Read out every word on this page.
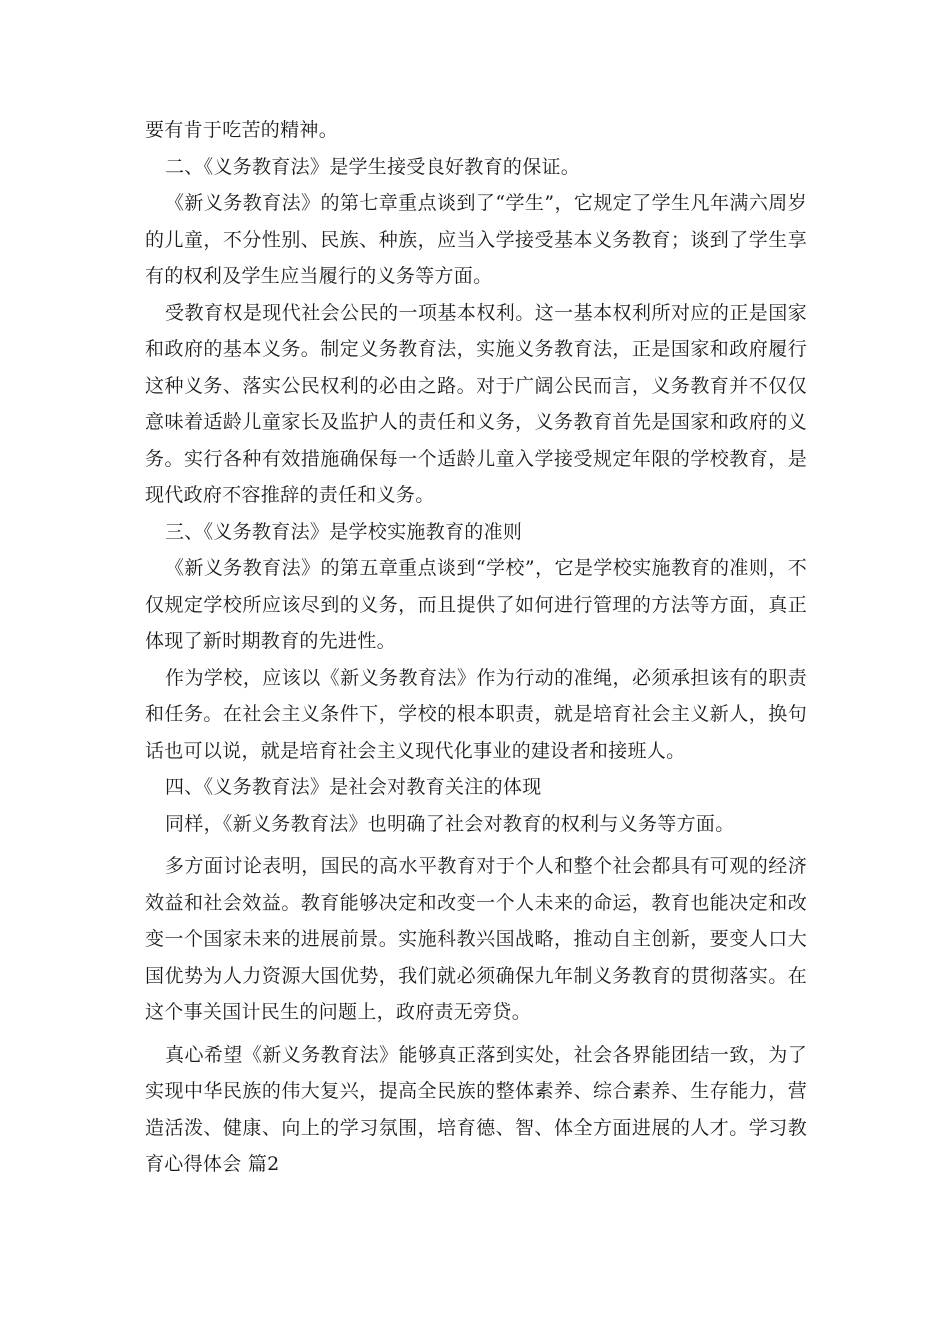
要有肯于吃苦的精神。

二、《义务教育法》是学生接受良好教育的保证。

《新义务教育法》的第七章重点谈到了“学生”，它规定了学生凡年满六周岁的儿童，不分性别、民族、种族，应当入学接受基本义务教育；谈到了学生享有的权利及学生应当履行的义务等方面。

受教育权是现代社会公民的一项基本权利。这一基本权利所对应的正是国家和政府的基本义务。制定义务教育法，实施义务教育法，正是国家和政府履行这种义务、落实公民权利的必由之路。对于广阔公民而言，义务教育并不仅仅意味着适龄儿童家长及监护人的责任和义务，义务教育首先是国家和政府的义务。实行各种有效措施确保每一个适龄儿童入学接受规定年限的学校教育，是现代政府不容推辞的责任和义务。

三、《义务教育法》是学校实施教育的准则

《新义务教育法》的第五章重点谈到“学校”，它是学校实施教育的准则，不仅规定学校所应该尽到的义务，而且提供了如何进行管理的方法等方面，真正体现了新时期教育的先进性。

作为学校，应该以《新义务教育法》作为行动的准绳，必须承担该有的职责和任务。在社会主义条件下，学校的根本职责，就是培育社会主义新人，换句话也可以说，就是培育社会主义现代化事业的建设者和接班人。

四、《义务教育法》是社会对教育关注的体现

同样，《新义务教育法》也明确了社会对教育的权利与义务等方面。

多方面讨论表明，国民的高水平教育对于个人和整个社会都具有可观的经济效益和社会效益。教育能够决定和改变一个人未来的命运，教育也能决定和改变一个国家未来的进展前景。实施科教兴国战略，推动自主创新，要变人口大国优势为人力资源大国优势，我们就必须确保九年制义务教育的贯彻落实。在这个事关国计民生的问题上，政府责无旁贷。

真心希望《新义务教育法》能够真正落到实处，社会各界能团结一致，为了实现中华民族的伟大复兴，提高全民族的整体素养、综合素养、生存能力，营造活泼、健康、向上的学习氛围，培育德、智、体全方面进展的人才。学习教育心得体会 篇2
